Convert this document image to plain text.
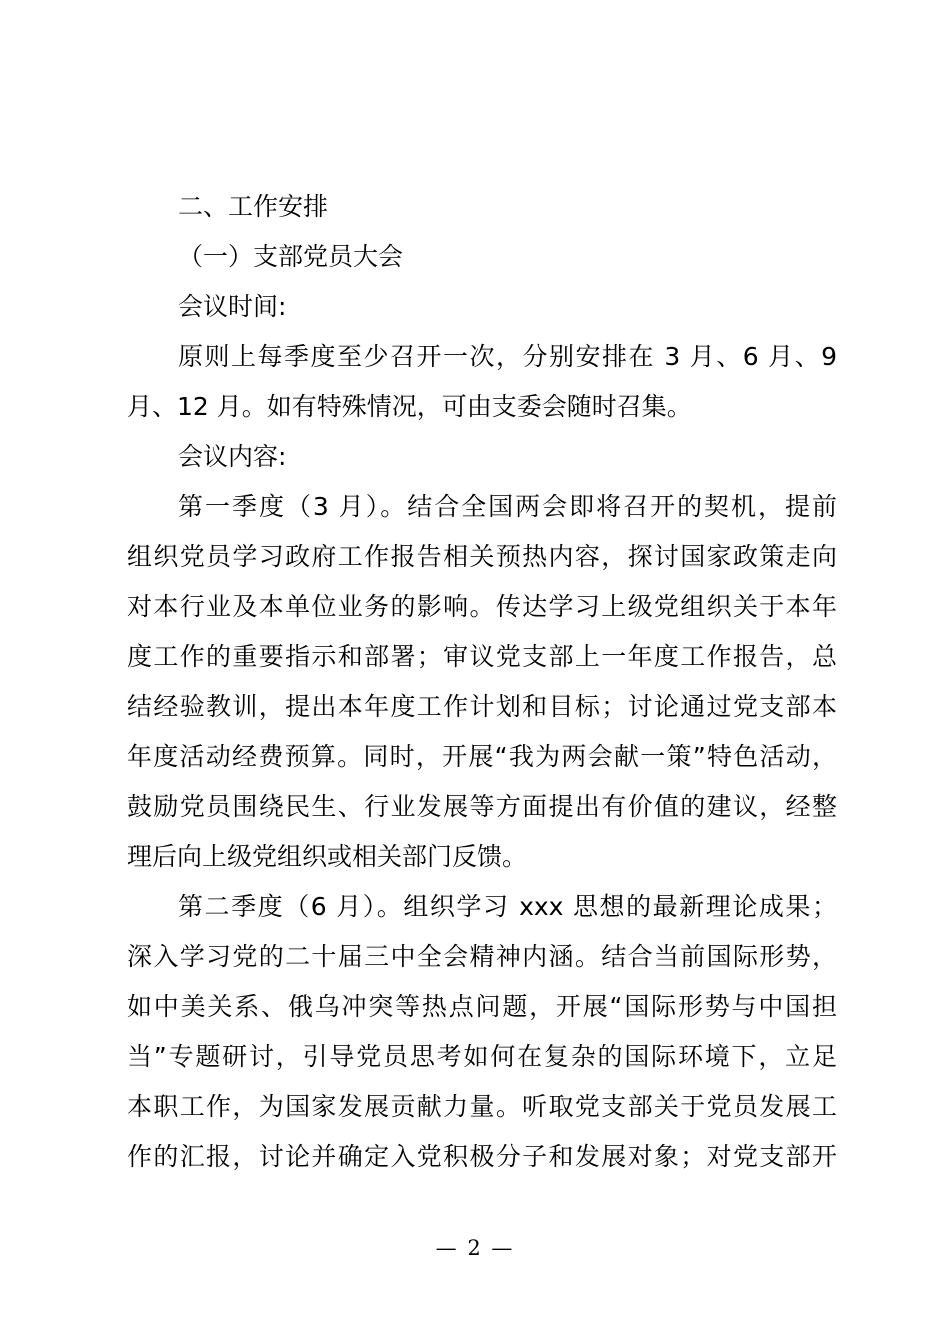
二、工作安排
（一）支部党员大会
会议时间:
原则上每季度至少召开一次，分别安排在 3 月、6 月、9
月、12 月。如有特殊情况，可由支委会随时召集。
会议内容:
第一季度（3 月）。结合全国两会即将召开的契机，提前
组织党员学习政府工作报告相关预热内容，探讨国家政策走向
对本行业及本单位业务的影响。传达学习上级党组织关于本年
度工作的重要指示和部署；审议党支部上一年度工作报告，总
结经验教训，提出本年度工作计划和目标；讨论通过党支部本
年度活动经费预算。同时，开展“我为两会献一策”特色活动，
鼓励党员围绕民生、行业发展等方面提出有价值的建议，经整
理后向上级党组织或相关部门反馈。
第二季度（6 月）。组织学习 xxx 思想的最新理论成果；
深入学习党的二十届三中全会精神内涵。结合当前国际形势，
如中美关系、俄乌冲突等热点问题，开展“国际形势与中国担
当”专题研讨，引导党员思考如何在复杂的国际环境下，立足
本职工作，为国家发展贡献力量。听取党支部关于党员发展工
作的汇报，讨论并确定入党积极分子和发展对象；对党支部开
— 2 —
